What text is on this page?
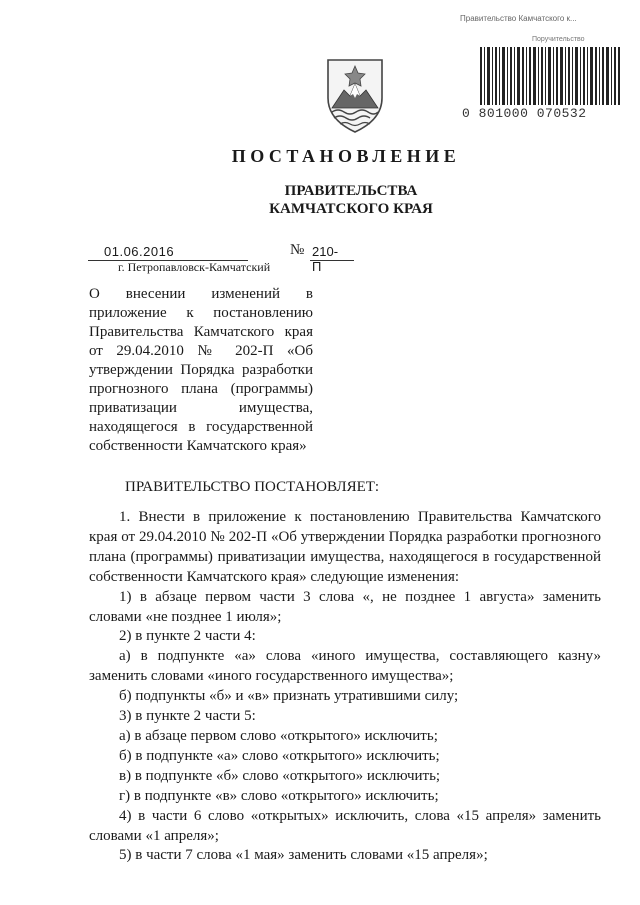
Правительство Камчатского к...
Поручительство
0 801000 070532
ПОСТАНОВЛЕНИЕ
ПРАВИТЕЛЬСТВА
КАМЧАТСКОГО КРАЯ
01.06.2016	№ 210-П
г. Петропавловск-Камчатский

О внесении изменений в приложение к постановлению Правительства Камчатского края от 29.04.2010 № 202-П «Об утверждении Порядка разработки прогнозного плана (программы) приватизации имущества, находящегося в государственной собственности Камчатского края»

ПРАВИТЕЛЬСТВО ПОСТАНОВЛЯЕТ:

1. Внести в приложение к постановлению Правительства Камчатского края от 29.04.2010 № 202-П «Об утверждении Порядка разработки прогнозного плана (программы) приватизации имущества, находящегося в государственной собственности Камчатского края» следующие изменения:

1) в абзаце первом части 3 слова «, не позднее 1 августа» заменить словами «не позднее 1 июля»;

2) в пункте 2 части 4:

а) в подпункте «а» слова «иного имущества, составляющего казну» заменить словами «иного государственного имущества»;

б) подпункты «б» и «в» признать утратившими силу;

3) в пункте 2 части 5:

а) в абзаце первом слово «открытого» исключить;

б) в подпункте «а» слово «открытого» исключить;

в) в подпункте «б» слово «открытого» исключить;

г) в подпункте «в» слово «открытого» исключить;

4) в части 6 слово «открытых» исключить, слова «15 апреля» заменить словами «1 апреля»;

5) в части 7 слова «1 мая» заменить словами «15 апреля»;
